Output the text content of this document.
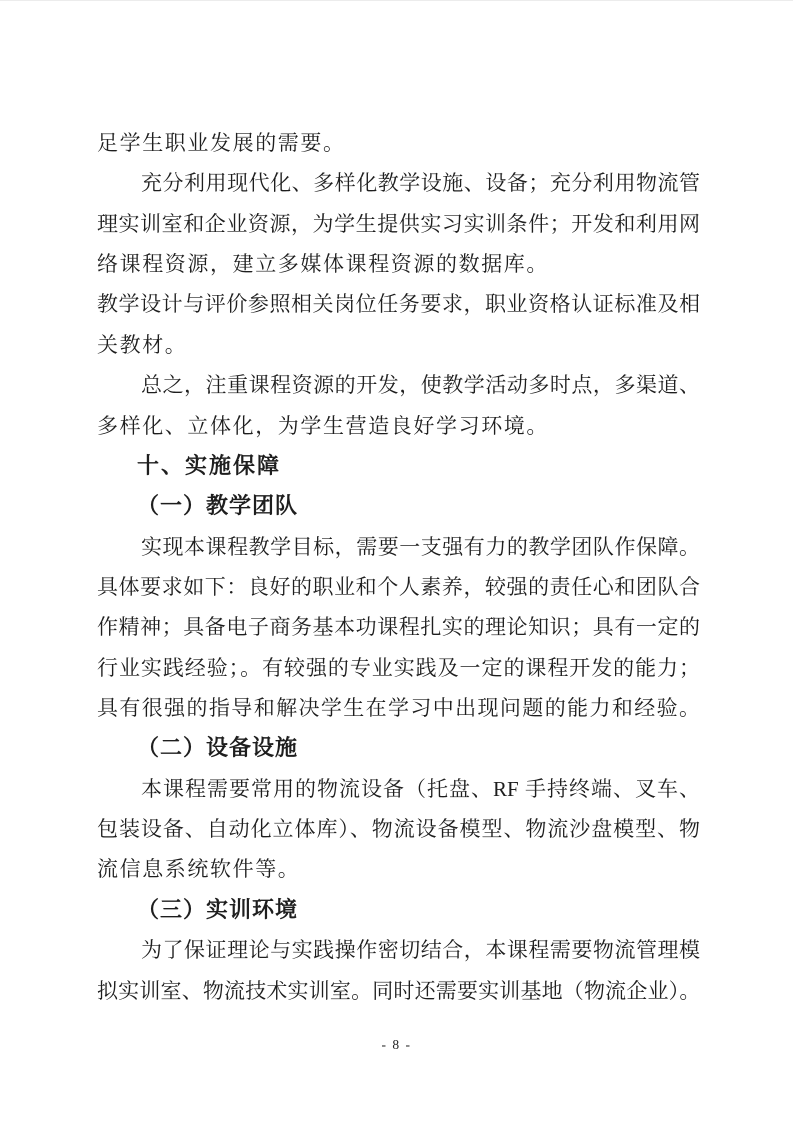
足学生职业发展的需要。
充分利用现代化、多样化教学设施、设备；充分利用物流管
理实训室和企业资源，为学生提供实习实训条件；开发和利用网
络课程资源，建立多媒体课程资源的数据库。
教学设计与评价参照相关岗位任务要求，职业资格认证标准及相
关教材。
总之，注重课程资源的开发，使教学活动多时点，多渠道、
多样化、立体化，为学生营造良好学习环境。
十、实施保障
（一）教学团队
实现本课程教学目标，需要一支强有力的教学团队作保障。
具体要求如下：良好的职业和个人素养，较强的责任心和团队合
作精神；具备电子商务基本功课程扎实的理论知识；具有一定的
行业实践经验；。有较强的专业实践及一定的课程开发的能力；
具有很强的指导和解决学生在学习中出现问题的能力和经验。
（二）设备设施
本课程需要常用的物流设备（托盘、RF 手持终端、叉车、
包装设备、自动化立体库）、物流设备模型、物流沙盘模型、物
流信息系统软件等。
（三）实训环境
为了保证理论与实践操作密切结合，本课程需要物流管理模
拟实训室、物流技术实训室。同时还需要实训基地（物流企业）。
- 8 -
